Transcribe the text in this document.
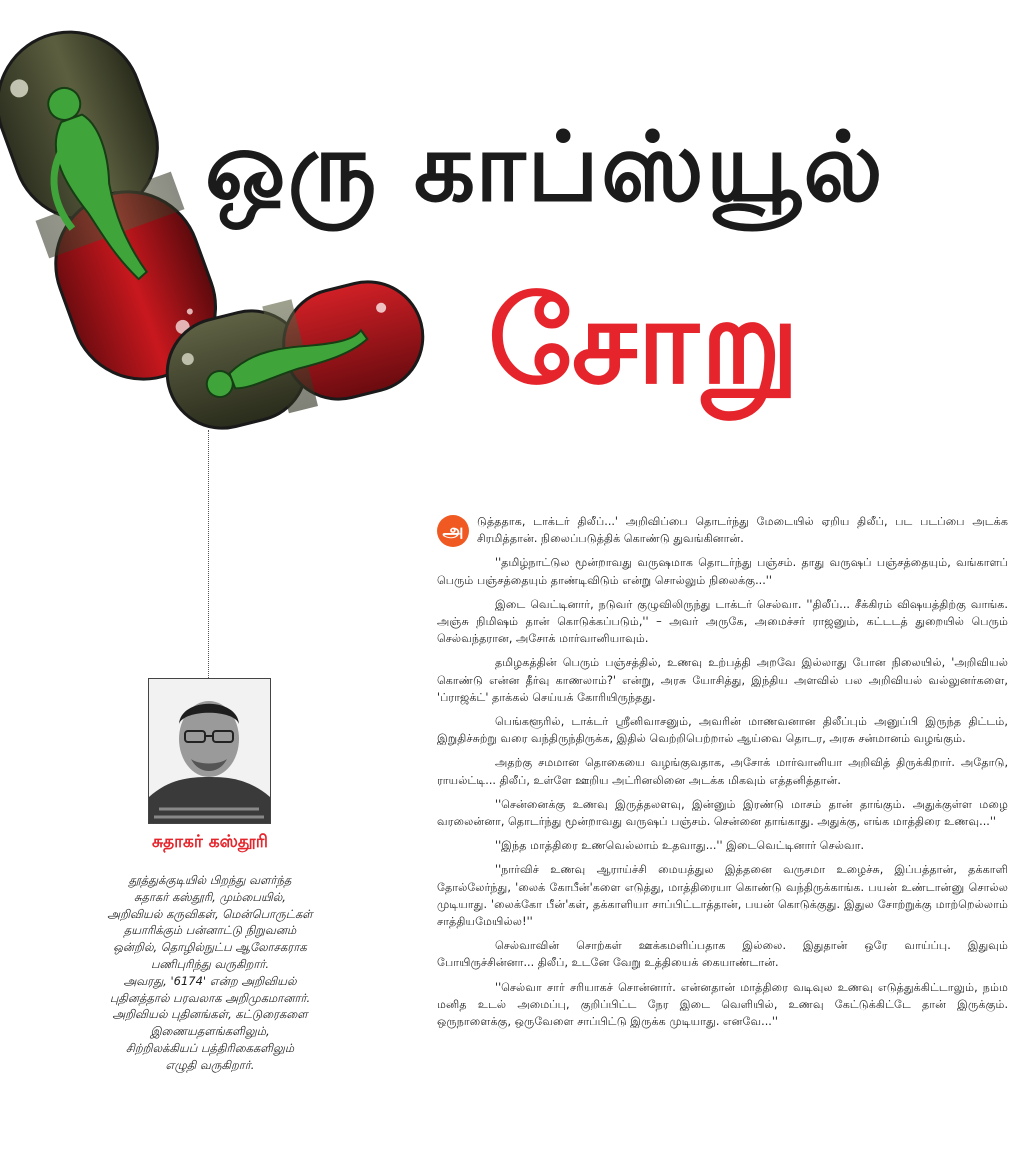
ஒரு காப்ஸ்யூல்
சோறு
சுதாகர் கஸ்தூரி

தூத்துக்குடியில் பிறந்து வளர்ந்த

சுதாகர் கஸ்தூரி, மும்பையில்,

அறிவியல் கருவிகள், மென்பொருட்கள்

தயாரிக்கும் பன்னாட்டு நிறுவனம்

ஒன்றில், தொழில்நுட்ப ஆலோசகராக

பணிபுரிந்து வருகிறார்.

அவரது, '6174' என்ற அறிவியல்

புதினத்தால் பரவலாக அறிமுகமானார்.

அறிவியல் புதினங்கள், கட்டுரைகளை

இணையதளங்களிலும்,

சிற்றிலக்கியப் பத்திரிகைகளிலும்

எழுதி வருகிறார்.

அ	டுத்ததாக, டாக்டர் திலீப்...' அறிவிப்பை தொடர்ந்து மேடையில் ஏறிய திலீப், பட படப்பை அடக்க சிரமித்தான். நிலைப்படுத்திக் கொண்டு துவங்கினான்.

''தமிழ்நாட்டுல மூன்றாவது வருஷமாக தொடர்ந்து பஞ்சம். தாது வருஷப் பஞ்சத்தையும், வங்காளப் பெரும் பஞ்சத்தையும் தாண்டிவிடும் என்று சொல்லும் நிலைக்கு...''

இடை வெட்டினார், நடுவர் குழுவிலிருந்து டாக்டர் செல்வா. ''திலீப்... சீக்கிரம் விஷயத்திற்கு வாங்க. அஞ்சு நிமிஷம் தான் கொடுக்கப்படும்,'' – அவர் அருகே, அமைச்சர் ராஜனும், கட்டடத் துறையில் பெரும் செல்வந்தரான, அசோக் மார்வானியாவும்.

தமிழகத்தின் பெரும் பஞ்சத்தில், உணவு உற்பத்தி அறவே இல்லாது போன நிலையில், 'அறிவியல் கொண்டு என்ன தீர்வு காணலாம்?' என்று, அரசு யோசித்து, இந்திய அளவில் பல அறிவியல் வல்லுனர்களை, 'ப்ராஜக்ட்' தாக்கல் செய்யக் கோரியிருந்தது.

பெங்களூரில், டாக்டர் ஸ்ரீனிவாசனும், அவரின் மாணவனான திலீப்பும் அனுப்பி இருந்த திட்டம், இறுதிச்சுற்று வரை வந்திருந்திருக்க, இதில் வெற்றிபெற்றால் ஆய்வை தொடர, அரசு சன்மானம் வழங்கும்.

அதற்கு சமமான தொகையை வழங்குவதாக, அசோக் மார்வானியா அறிவித் திருக்கிறார். அதோடு, ராயல்ட்டி... திலீப், உள்ளே ஊறிய அட்ரினலினை அடக்க மிகவும் எத்தனித்தான்.

''சென்னைக்கு உணவு இருத்தலளவு, இன்னும் இரண்டு மாசம் தான் தாங்கும். அதுக்குள்ள மழை வரலைன்னா, தொடர்ந்து மூன்றாவது வருஷப் பஞ்சம். சென்னை தாங்காது. அதுக்கு, எங்க மாத்திரை உணவு...''

''இந்த மாத்திரை உணவெல்லாம் உதவாது...'' இடைவெட்டினார் செல்வா.

''நார்விச் உணவு ஆராய்ச்சி மையத்துல இத்தனை வருசமா உழைச்சு, இப்பத்தான், தக்காளி தோல்லேர்ந்து, 'லைக் கோபீன்'களை எடுத்து, மாத்திரையா கொண்டு வந்திருக்காங்க. பயன் உண்டான்னு சொல்ல முடியாது. 'லைக்கோ பீன்'கள், தக்காளியா சாப்பிட்டாத்தான், பயன் கொடுக்குது. இதுல சோற்றுக்கு மாற்றெல்லாம் சாத்தியமேயில்ல!''

செல்வாவின் சொற்கள் ஊக்கமளிப்பதாக இல்லை. இதுதான் ஒரே வாய்ப்பு. இதுவும் போயிருச்சின்னா... திலீப், உடனே வேறு உத்தியைக் கையாண்டான்.

''செல்வா சார் சரியாகச் சொன்னார். என்னதான் மாத்திரை வடிவுல உணவு எடுத்துக்கிட்டாலும், நம்ம மனித உடல் அமைப்பு, குறிப்பிட்ட நேர இடை வெளியில், உணவு கேட்டுக்கிட்டே தான் இருக்கும். ஒருநாளைக்கு, ஒருவேளை சாப்பிட்டு இருக்க முடியாது. எனவே...''
